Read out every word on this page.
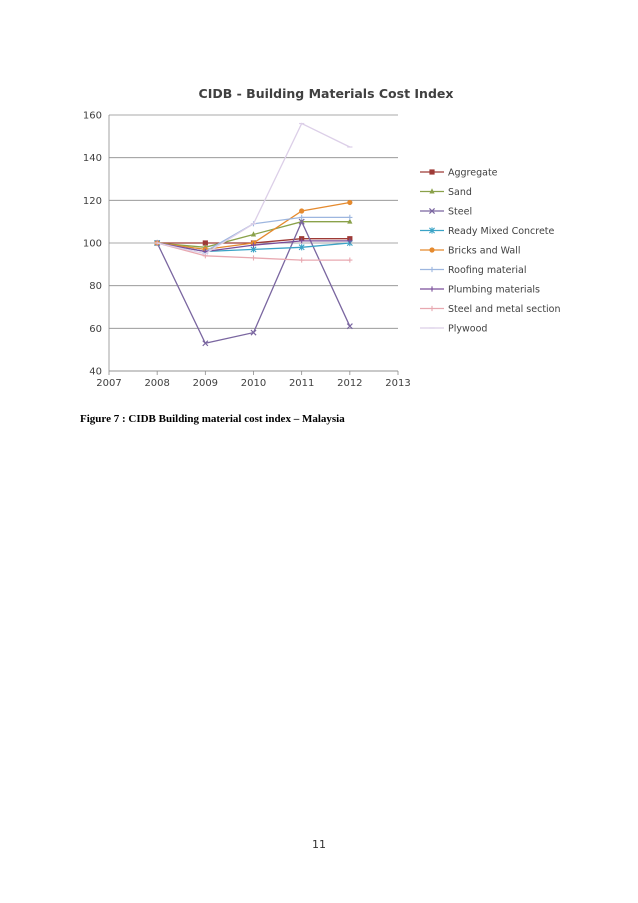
CIDB - Building Materials Cost Index
40
60
80
100
120
140
160
2007 2008 2009 2010 2011 2012 2013
Aggregate
Sand
Steel
Ready Mixed Concrete
Bricks and Wall
Roofing material
Plumbing materials
Steel and metal section
Plywood

Figure 7 : CIDB Building material cost index – Malaysia

11
